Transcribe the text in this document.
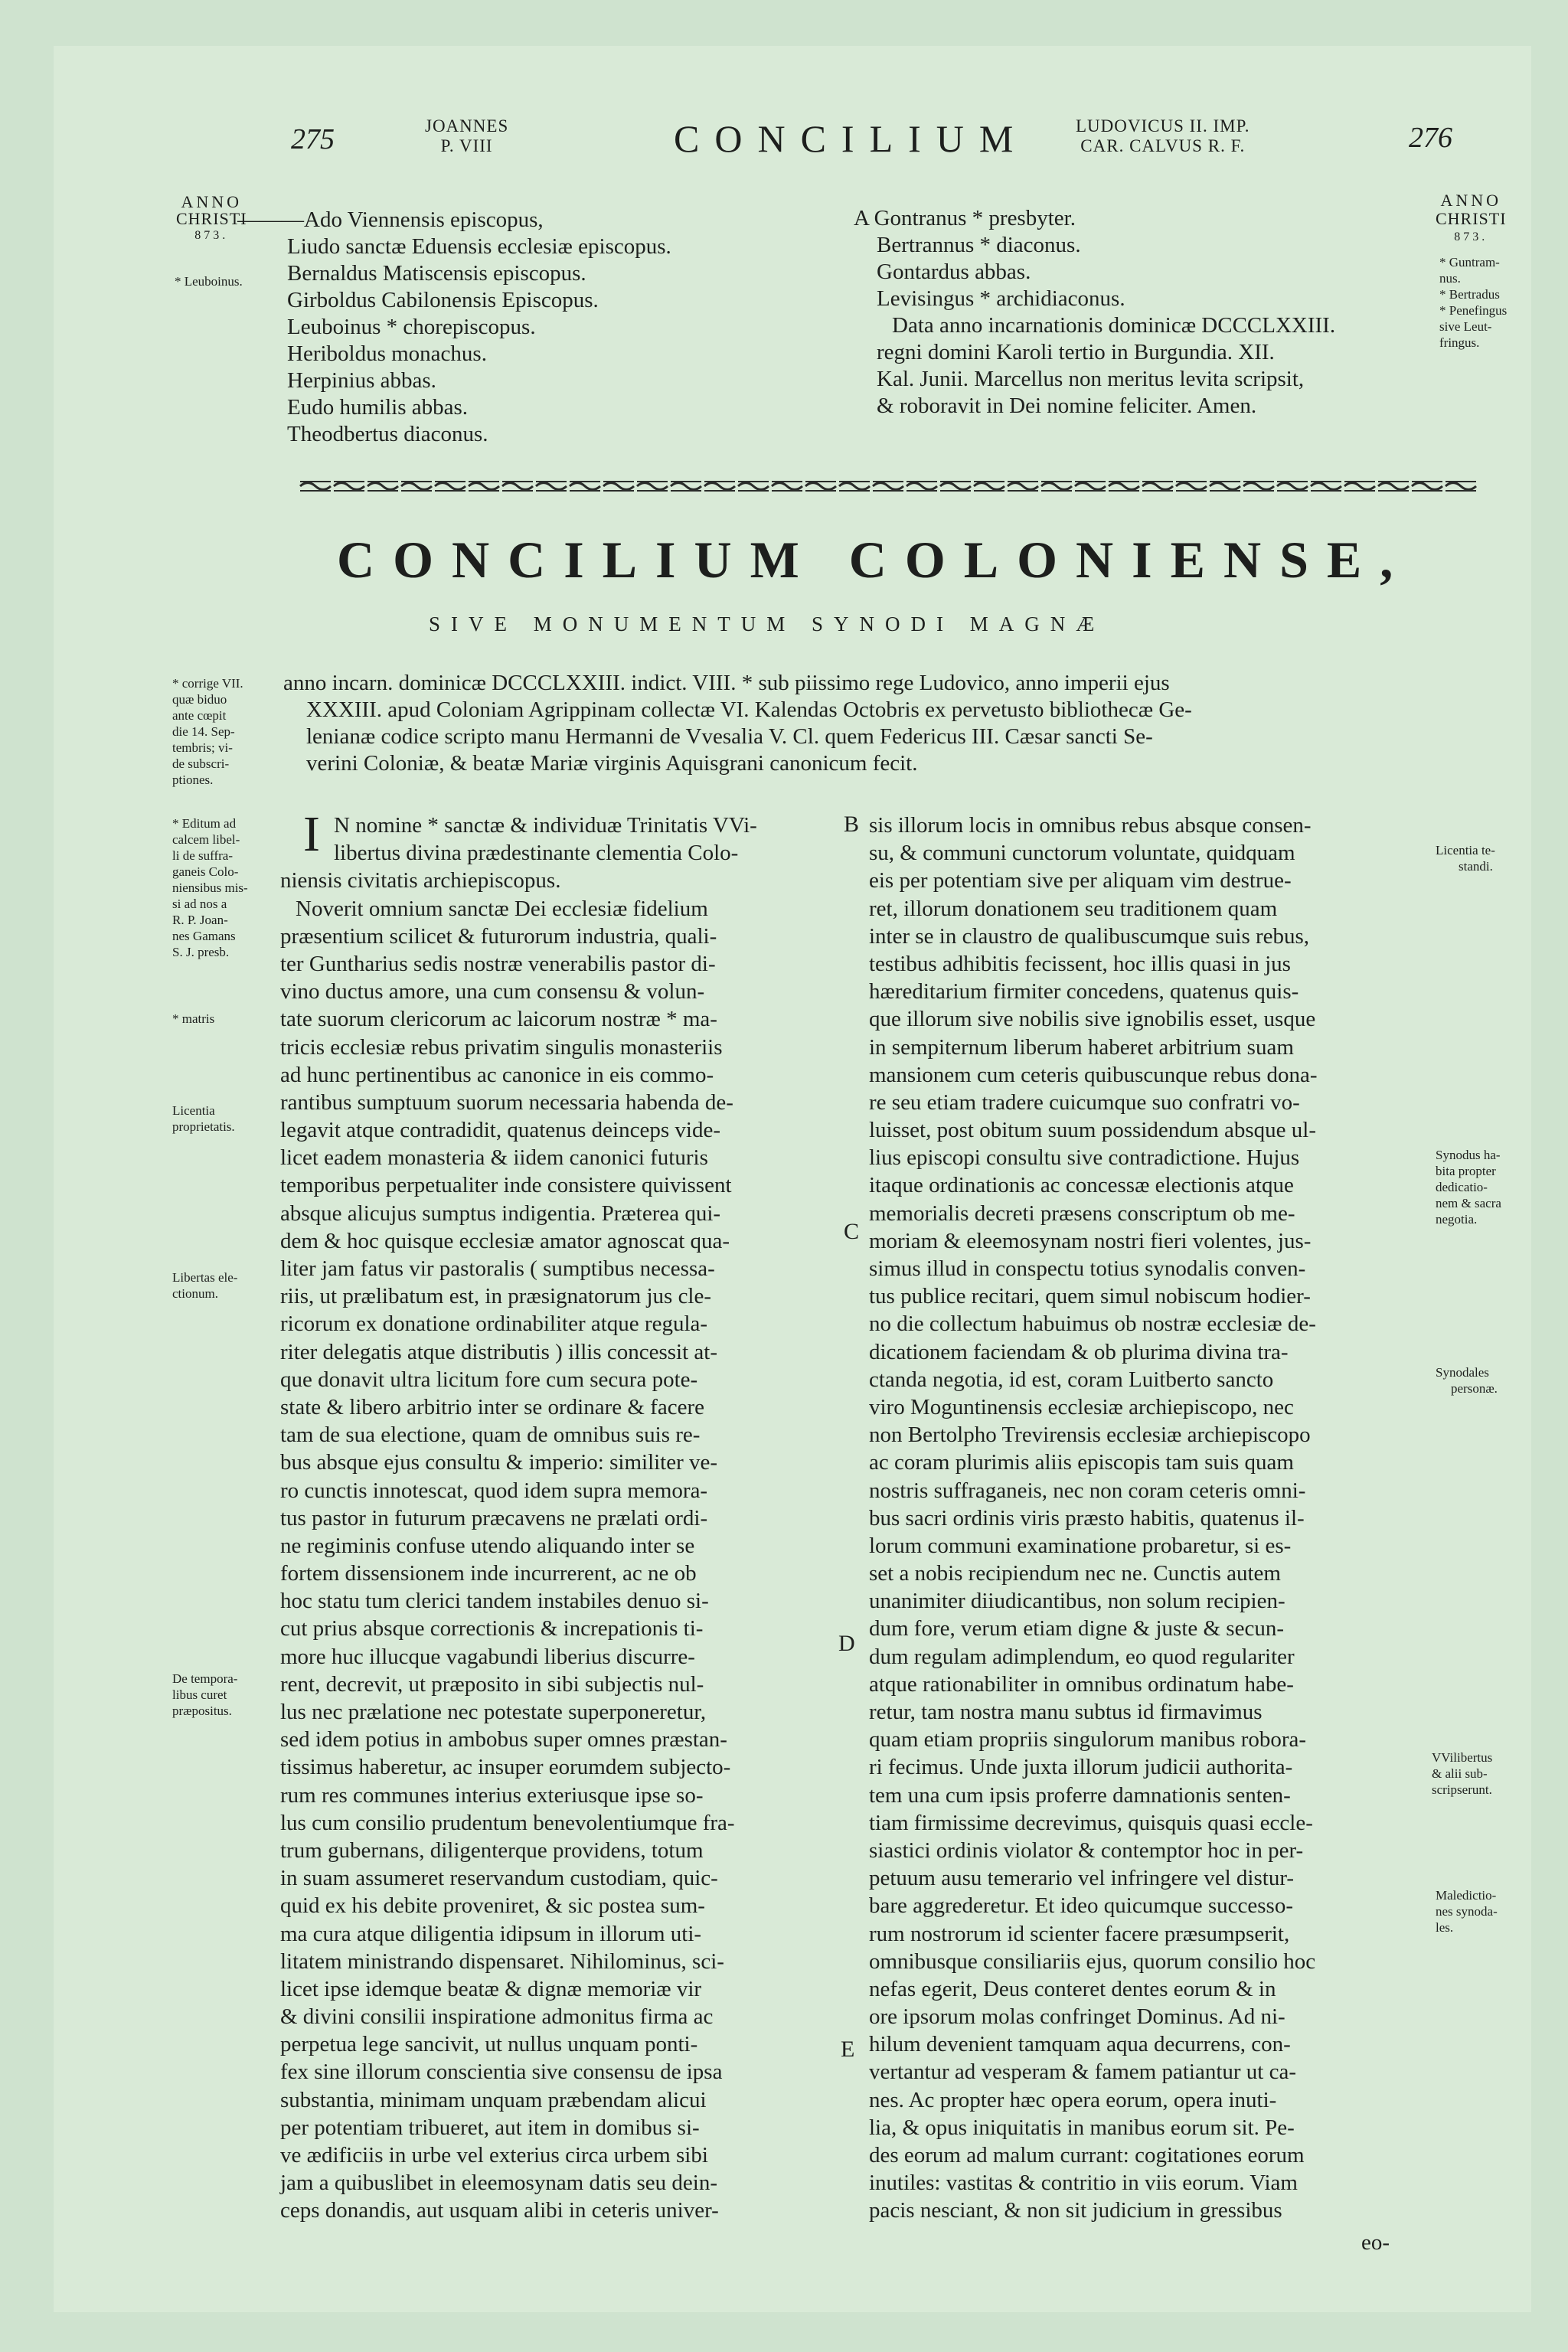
275	JOANNES
P. VIII	CONCILIUM	LUDOVICUS II. IMP.
CAR. CALVUS R. F.	276
ANNO
CHRISTI
873.
* Leuboinus.
ANNO
CHRISTI
873.
* Guntram-
nus.
* Bertradus
* Penefingus
sive Leut-
fringus.
———Ado Viennensis episcopus,
Liudo sanctæ Eduensis ecclesiæ episcopus.
Bernaldus Matiscensis episcopus.
Girboldus Cabilonensis Episcopus.
Leuboinus * chorepiscopus.
Heriboldus monachus.
Herpinius abbas.
Eudo humilis abbas.
Theodbertus diaconus.
A Gontranus * presbyter.
Bertrannus * diaconus.
Gontardus abbas.
Levisingus * archidiaconus.
Data anno incarnationis dominicæ DCCCLXXIII.
regni domini Karoli tertio in Burgundia. XII.
Kal. Junii. Marcellus non meritus levita scripsit,
& roboravit in Dei nomine feliciter. Amen.
CONCILIUM COLONIENSE,
SIVE MONUMENTUM SYNODI MAGNÆ
anno incarn. dominicæ DCCCLXXIII. indict. VIII. * sub piissimo rege Ludovico, anno imperii ejus
XXXIII. apud Coloniam Agrippinam collectæ VI. Kalendas Octobris ex pervetusto bibliothecæ Ge-
lenianæ codice scripto manu Hermanni de Vvesalia V. Cl. quem Federicus III. Cæsar sancti Se-
verini Coloniæ, & beatæ Mariæ virginis Aquisgrani canonicum fecit.
* corrige VII.
quæ biduo
ante cœpit
die 14. Sep-
tembris; vi-
de subscri-
ptiones.
* Editum ad
calcem libel-
li de suffra-
ganeis Colo-
niensibus mis-
si ad nos a
R. P. Joan-
nes Gamans
S. J. presb.
* matris
Licentia
proprietatis.
Libertas ele-
ctionum.
De tempora-
libus curet
præpositus.
Licentia te-
standi.
Synodus ha-
bita propter
dedicatio-
nem & sacra
negotia.
Synodales
personæ.
VVilibertus
& alii sub-
scripserunt.
Maledictio-
nes synoda-
les.
B
C
D
E
I N nomine * sanctæ & individuæ Trinitatis VVi-
libertus divina prædestinante clementia Colo-
niensis civitatis archiepiscopus.
Noverit omnium sanctæ Dei ecclesiæ fidelium
præsentium scilicet & futurorum industria, quali-
ter Guntharius sedis nostræ venerabilis pastor di-
vino ductus amore, una cum consensu & volun-
tate suorum clericorum ac laicorum nostræ * ma-
tricis ecclesiæ rebus privatim singulis monasteriis
ad hunc pertinentibus ac canonice in eis commo-
rantibus sumptuum suorum necessaria habenda de-
legavit atque contradidit, quatenus deinceps vide-
licet eadem monasteria & iidem canonici futuris
temporibus perpetualiter inde consistere quivissent
absque alicujus sumptus indigentia. Præterea qui-
dem & hoc quisque ecclesiæ amator agnoscat qua-
liter jam fatus vir pastoralis ( sumptibus necessa-
riis, ut prælibatum est, in præsignatorum jus cle-
ricorum ex donatione ordinabiliter atque regula-
riter delegatis atque distributis ) illis concessit at-
que donavit ultra licitum fore cum secura pote-
state & libero arbitrio inter se ordinare & facere
tam de sua electione, quam de omnibus suis re-
bus absque ejus consultu & imperio: similiter ve-
ro cunctis innotescat, quod idem supra memora-
tus pastor in futurum præcavens ne prælati ordi-
ne regiminis confuse utendo aliquando inter se
fortem dissensionem inde incurrerent, ac ne ob
hoc statu tum clerici tandem instabiles denuo si-
cut prius absque correctionis & increpationis ti-
more huc illucque vagabundi liberius discurre-
rent, decrevit, ut præposito in sibi subjectis nul-
lus nec prælatione nec potestate superponeretur,
sed idem potius in ambobus super omnes præstan-
tissimus haberetur, ac insuper eorumdem subjecto-
rum res communes interius exteriusque ipse so-
lus cum consilio prudentum benevolentiumque fra-
trum gubernans, diligenterque providens, totum
in suam assumeret reservandum custodiam, quic-
quid ex his debite proveniret, & sic postea sum-
ma cura atque diligentia idipsum in illorum uti-
litatem ministrando dispensaret. Nihilominus, sci-
licet ipse idemque beatæ & dignæ memoriæ vir
& divini consilii inspiratione admonitus firma ac
perpetua lege sancivit, ut nullus unquam ponti-
fex sine illorum conscientia sive consensu de ipsa
substantia, minimam unquam præbendam alicui
per potentiam tribueret, aut item in domibus si-
ve ædificiis in urbe vel exterius circa urbem sibi
jam a quibuslibet in eleemosynam datis seu dein-
ceps donandis, aut usquam alibi in ceteris univer-
sis illorum locis in omnibus rebus absque consen-
su, & communi cunctorum voluntate, quidquam
eis per potentiam sive per aliquam vim destrue-
ret, illorum donationem seu traditionem quam
inter se in claustro de qualibuscumque suis rebus,
testibus adhibitis fecissent, hoc illis quasi in jus
hæreditarium firmiter concedens, quatenus quis-
que illorum sive nobilis sive ignobilis esset, usque
in sempiternum liberum haberet arbitrium suam
mansionem cum ceteris quibuscunque rebus dona-
re seu etiam tradere cuicumque suo confratri vo-
luisset, post obitum suum possidendum absque ul-
lius episcopi consultu sive contradictione. Hujus
itaque ordinationis ac concessæ electionis atque
memorialis decreti præsens conscriptum ob me-
moriam & eleemosynam nostri fieri volentes, jus-
simus illud in conspectu totius synodalis conven-
tus publice recitari, quem simul nobiscum hodier-
no die collectum habuimus ob nostræ ecclesiæ de-
dicationem faciendam & ob plurima divina tra-
ctanda negotia, id est, coram Luitberto sancto
viro Moguntinensis ecclesiæ archiepiscopo, nec
non Bertolpho Trevirensis ecclesiæ archiepiscopo
ac coram plurimis aliis episcopis tam suis quam
nostris suffraganeis, nec non coram ceteris omni-
bus sacri ordinis viris præsto habitis, quatenus il-
lorum communi examinatione probaretur, si es-
set a nobis recipiendum nec ne. Cunctis autem
unanimiter diiudicantibus, non solum recipien-
dum fore, verum etiam digne & juste & secun-
dum regulam adimplendum, eo quod regulariter
atque rationabiliter in omnibus ordinatum habe-
retur, tam nostra manu subtus id firmavimus
quam etiam propriis singulorum manibus robora-
ri fecimus. Unde juxta illorum judicii authorita-
tem una cum ipsis proferre damnationis senten-
tiam firmissime decrevimus, quisquis quasi eccle-
siastici ordinis violator & contemptor hoc in per-
petuum ausu temerario vel infringere vel distur-
bare aggrederetur. Et ideo quicumque successo-
rum nostrorum id scienter facere præsumpserit,
omnibusque consiliariis ejus, quorum consilio hoc
nefas egerit, Deus conteret dentes eorum & in
ore ipsorum molas confringet Dominus. Ad ni-
hilum devenient tamquam aqua decurrens, con-
vertantur ad vesperam & famem patiantur ut ca-
nes. Ac propter hæc opera eorum, opera inuti-
lia, & opus iniquitatis in manibus eorum sit. Pe-
des eorum ad malum currant: cogitationes eorum
inutiles: vastitas & contritio in viis eorum. Viam
pacis nesciant, & non sit judicium in gressibus
eo-
